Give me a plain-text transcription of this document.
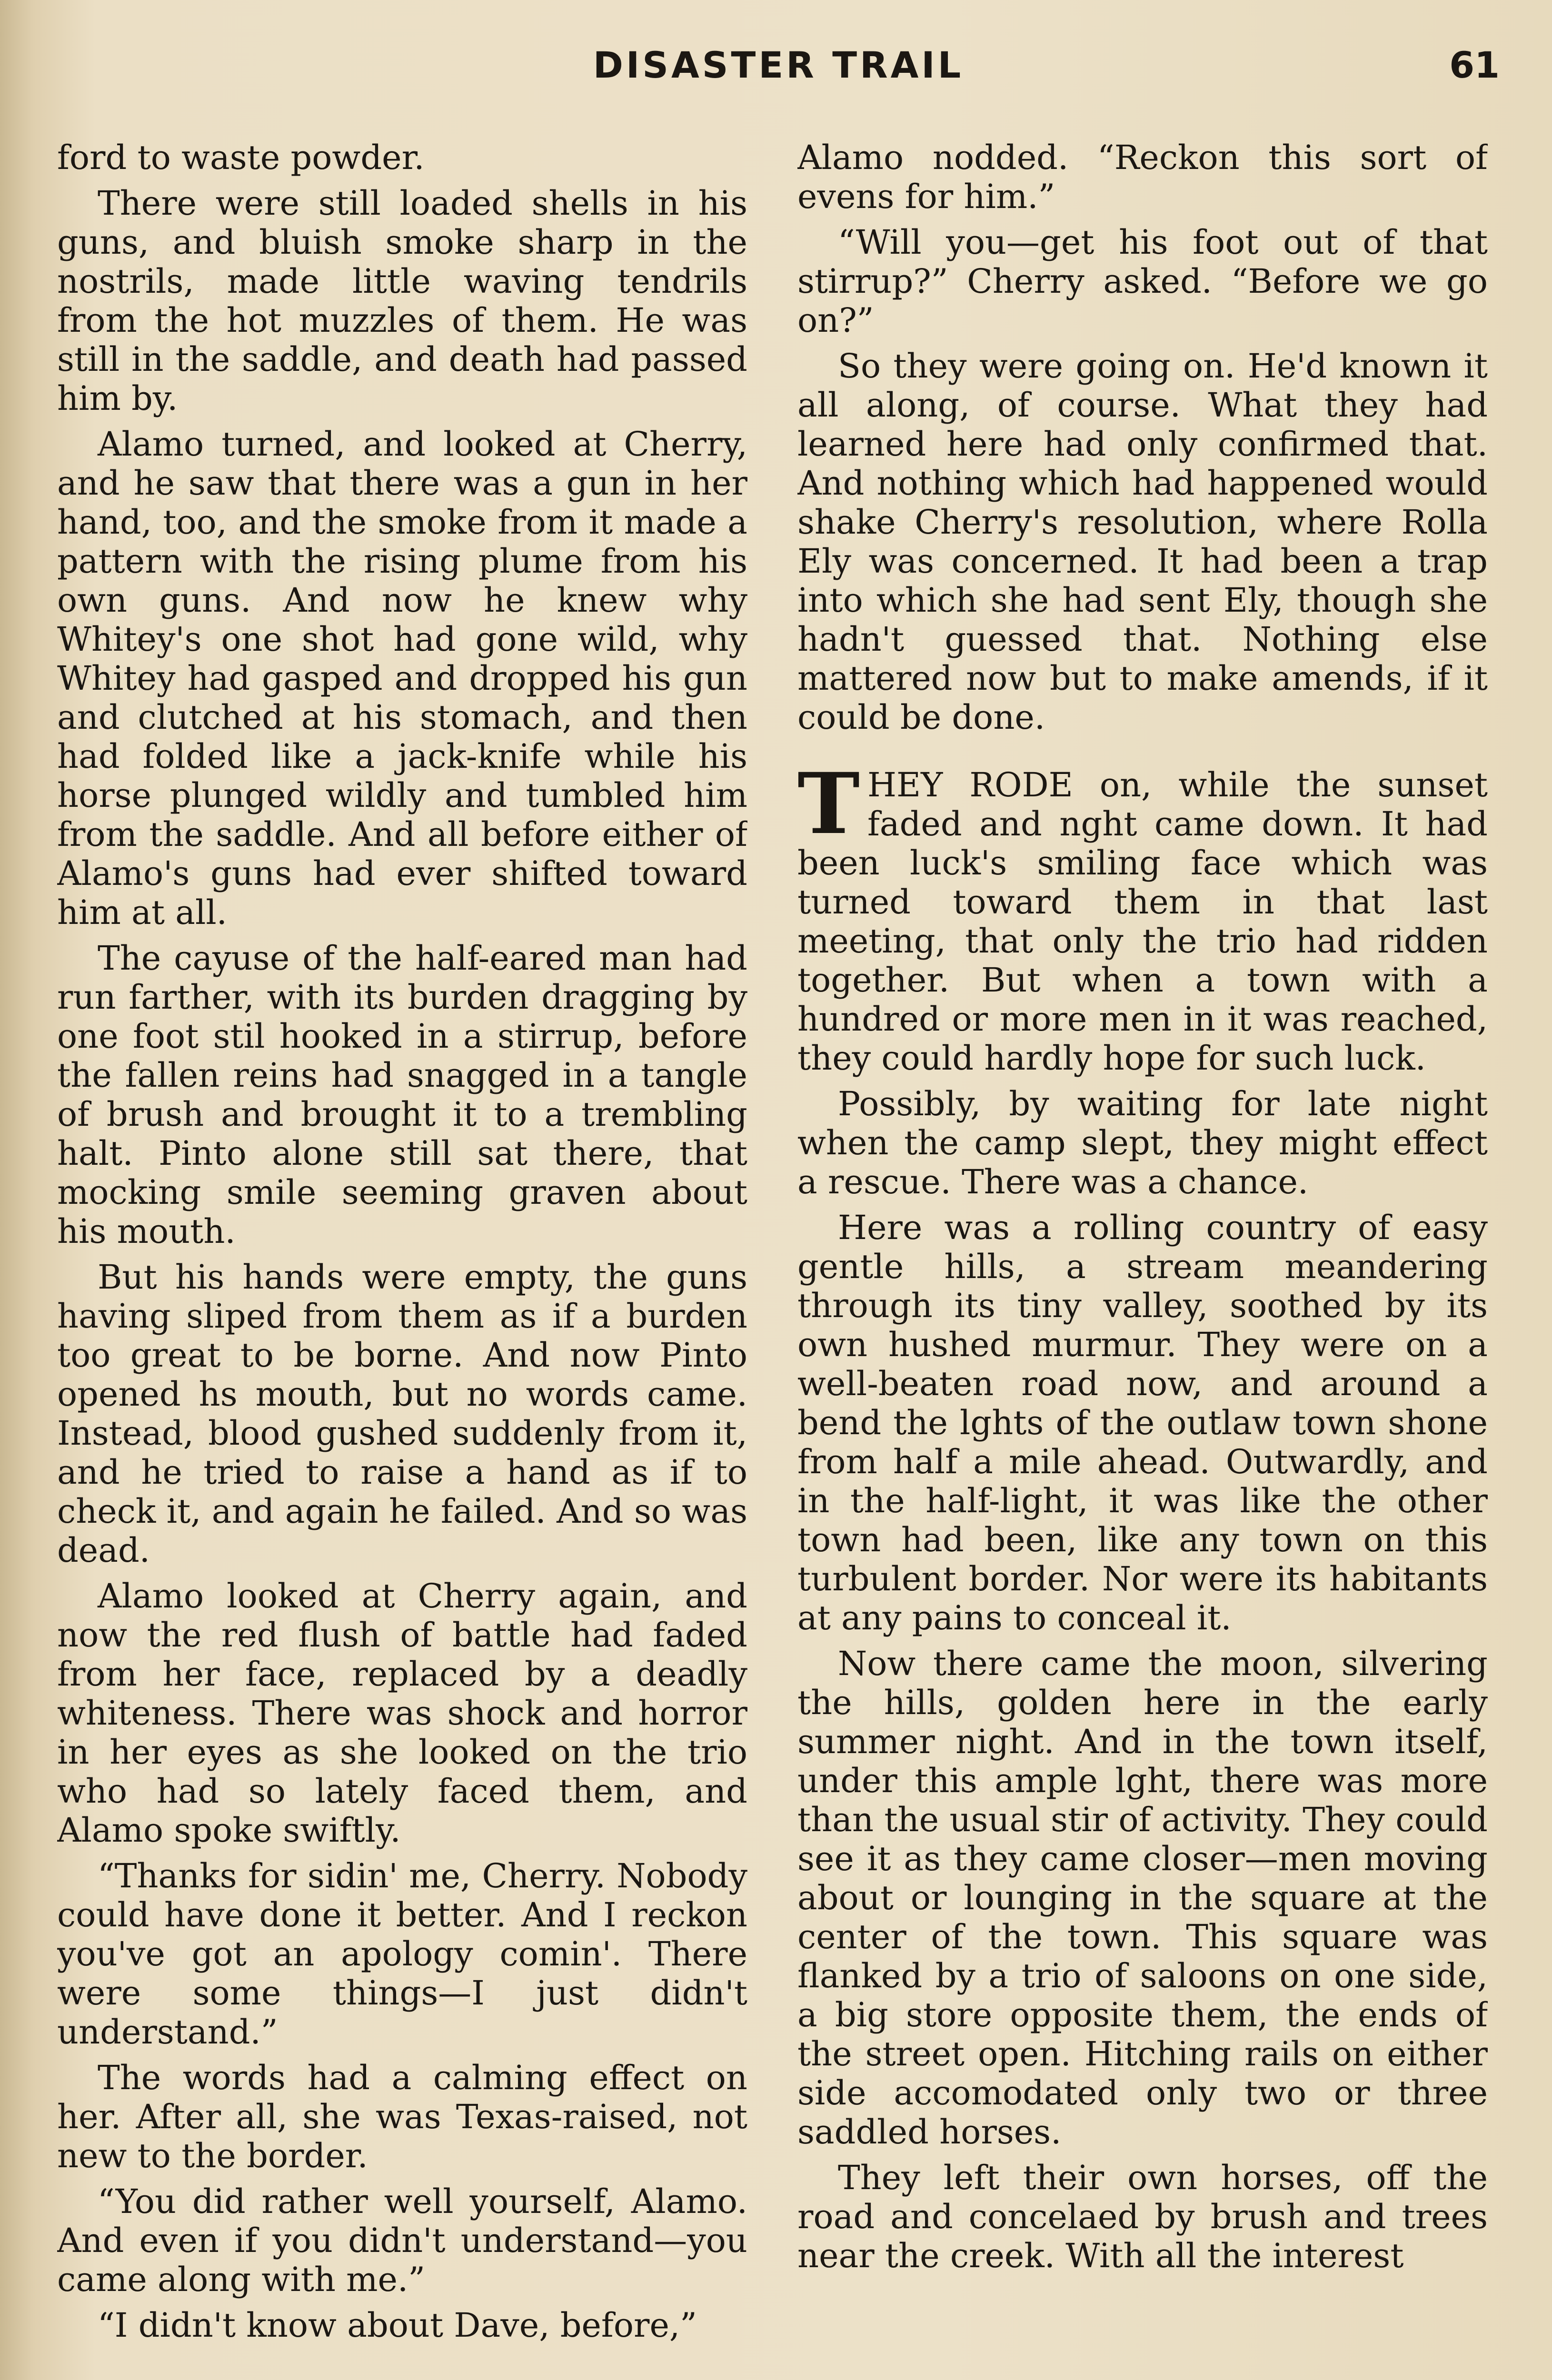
DISASTER TRAIL	61

ford to waste powder.

There were still loaded shells in his guns, and bluish smoke sharp in the nostrils, made little waving tendrils from the hot muzzles of them. He was still in the saddle, and death had passed him by.

Alamo turned, and looked at Cherry, and he saw that there was a gun in her hand, too, and the smoke from it made a pattern with the rising plume from his own guns. And now he knew why Whitey's one shot had gone wild, why Whitey had gasped and dropped his gun and clutched at his stomach, and then had folded like a jack-knife while his horse plunged wildly and tumbled him from the saddle. And all before either of Alamo's guns had ever shifted toward him at all.

The cayuse of the half-eared man had run farther, with its burden dragging by one foot stil hooked in a stirrup, before the fallen reins had snagged in a tangle of brush and brought it to a trembling halt. Pinto alone still sat there, that mocking smile seeming graven about his mouth.

But his hands were empty, the guns having sliped from them as if a burden too great to be borne. And now Pinto opened hs mouth, but no words came. Instead, blood gushed suddenly from it, and he tried to raise a hand as if to check it, and again he failed. And so was dead.

Alamo looked at Cherry again, and now the red flush of battle had faded from her face, replaced by a deadly whiteness. There was shock and horror in her eyes as she looked on the trio who had so lately faced them, and Alamo spoke swiftly.

“Thanks for sidin' me, Cherry. Nobody could have done it better. And I reckon you've got an apology comin'. There were some things—I just didn't understand.”

The words had a calming effect on her. After all, she was Texas-raised, not new to the border.

“You did rather well yourself, Alamo. And even if you didn't understand—you came along with me.”

“I didn't know about Dave, before,”

Alamo nodded. “Reckon this sort of evens for him.”

“Will you—get his foot out of that stirrup?” Cherry asked. “Before we go on?”

So they were going on. He'd known it all along, of course. What they had learned here had only confirmed that. And nothing which had happened would shake Cherry's resolution, where Rolla Ely was concerned. It had been a trap into which she had sent Ely, though she hadn't guessed that. Nothing else mattered now but to make amends, if it could be done.

THEY RODE on, while the sunset faded and nght came down. It had been luck's smiling face which was turned toward them in that last meeting, that only the trio had ridden together. But when a town with a hundred or more men in it was reached, they could hardly hope for such luck.

Possibly, by waiting for late night when the camp slept, they might effect a rescue. There was a chance.

Here was a rolling country of easy gentle hills, a stream meandering through its tiny valley, soothed by its own hushed murmur. They were on a well-beaten road now, and around a bend the lghts of the outlaw town shone from half a mile ahead. Outwardly, and in the half-light, it was like the other town had been, like any town on this turbulent border. Nor were its habitants at any pains to conceal it.

Now there came the moon, silvering the hills, golden here in the early summer night. And in the town itself, under this ample lght, there was more than the usual stir of activity. They could see it as they came closer—men moving about or lounging in the square at the center of the town. This square was flanked by a trio of saloons on one side, a big store opposite them, the ends of the street open. Hitching rails on either side accomodated only two or three saddled horses.

They left their own horses, off the road and concelaed by brush and trees near the creek. With all the interest
